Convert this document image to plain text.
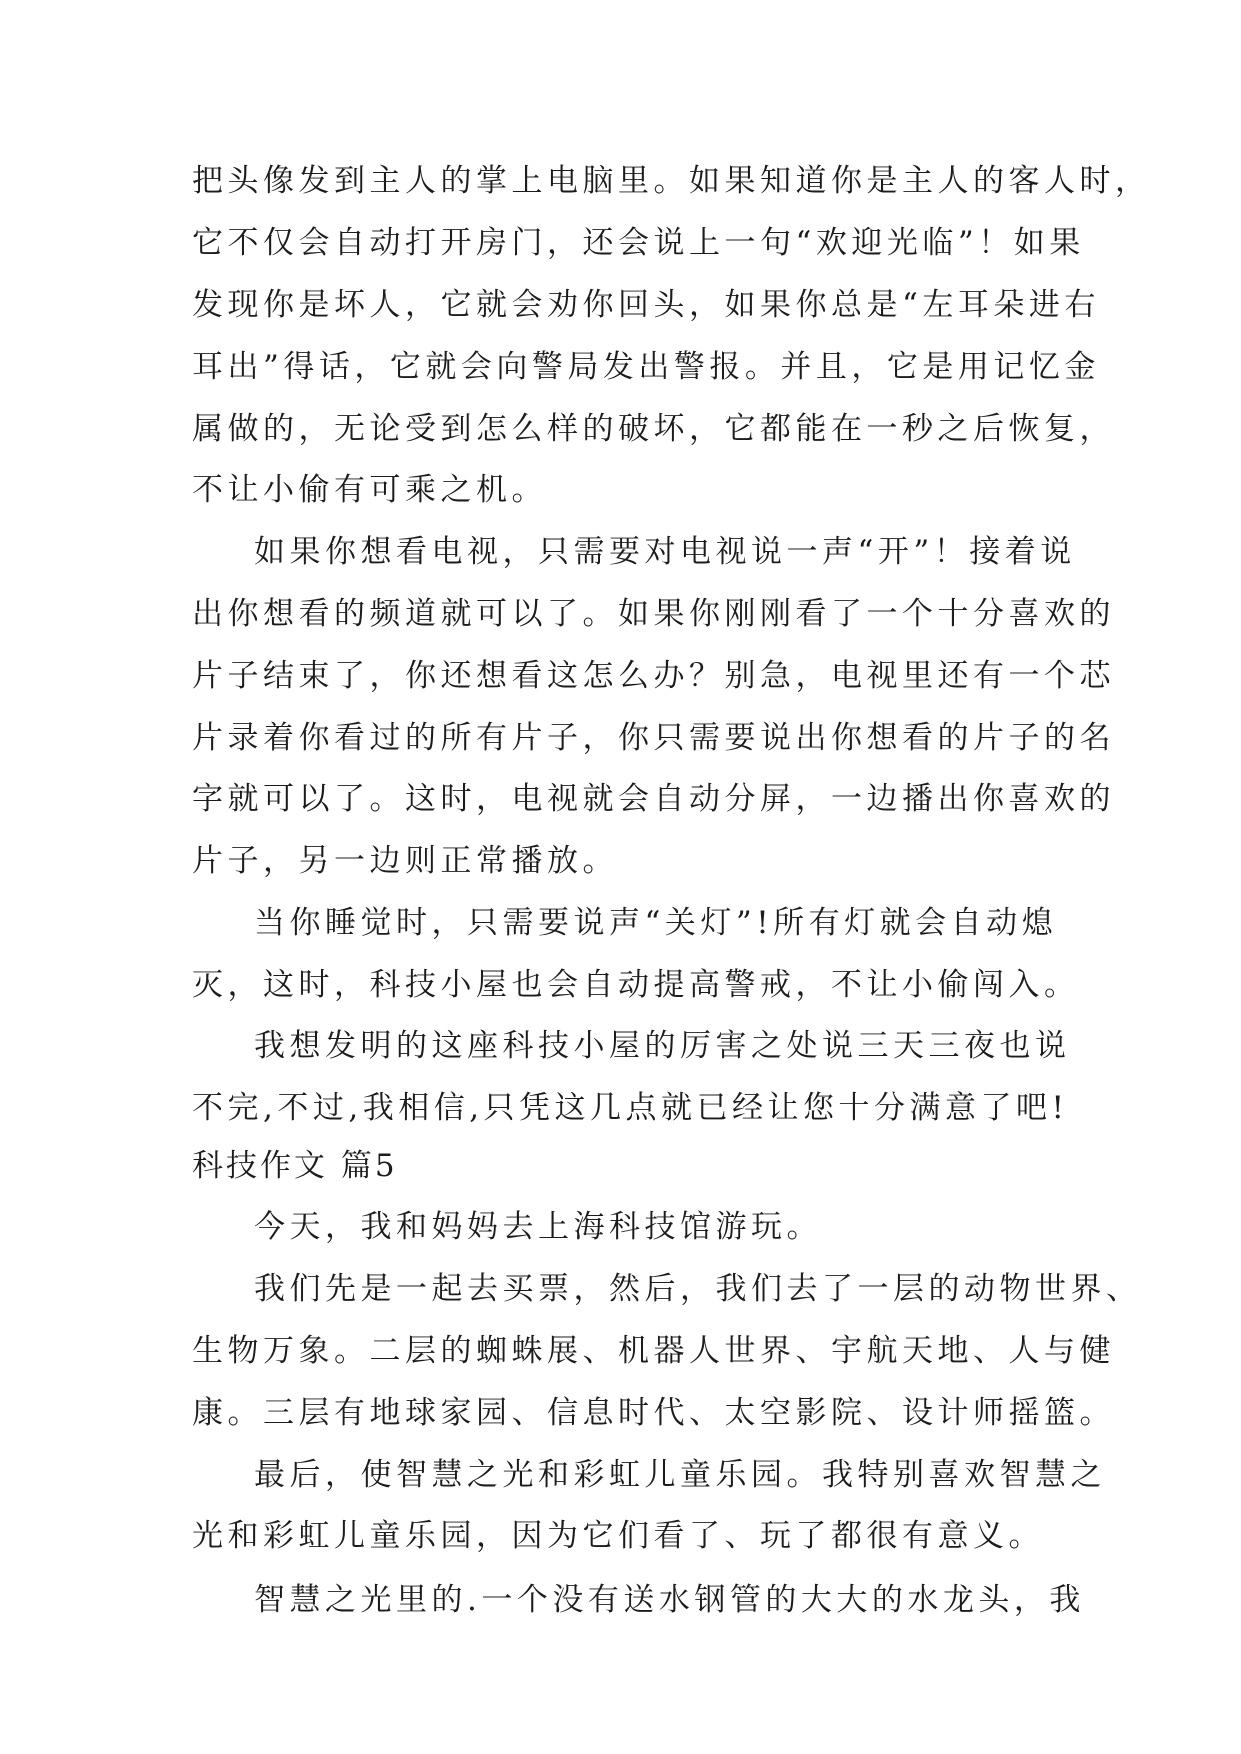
把头像发到主人的掌上电脑里。如果知道你是主人的客人时，
它不仅会自动打开房门，还会说上一句“欢迎光临”！如果
发现你是坏人，它就会劝你回头，如果你总是“左耳朵进右
耳出”得话，它就会向警局发出警报。并且，它是用记忆金
属做的，无论受到怎么样的破坏，它都能在一秒之后恢复，
不让小偷有可乘之机。
如果你想看电视，只需要对电视说一声“开”！接着说
出你想看的频道就可以了。如果你刚刚看了一个十分喜欢的
片子结束了，你还想看这怎么办？别急，电视里还有一个芯
片录着你看过的所有片子，你只需要说出你想看的片子的名
字就可以了。这时，电视就会自动分屏，一边播出你喜欢的
片子，另一边则正常播放。
当你睡觉时，只需要说声“关灯”!所有灯就会自动熄
灭，这时，科技小屋也会自动提高警戒，不让小偷闯入。
我想发明的这座科技小屋的厉害之处说三天三夜也说
不完,不过,我相信,只凭这几点就已经让您十分满意了吧!
科技作文 篇5
今天，我和妈妈去上海科技馆游玩。
我们先是一起去买票，然后，我们去了一层的动物世界、
生物万象。二层的蜘蛛展、机器人世界、宇航天地、人与健
康。三层有地球家园、信息时代、太空影院、设计师摇篮。
最后，使智慧之光和彩虹儿童乐园。我特别喜欢智慧之
光和彩虹儿童乐园，因为它们看了、玩了都很有意义。
智慧之光里的.一个没有送水钢管的大大的水龙头，我
